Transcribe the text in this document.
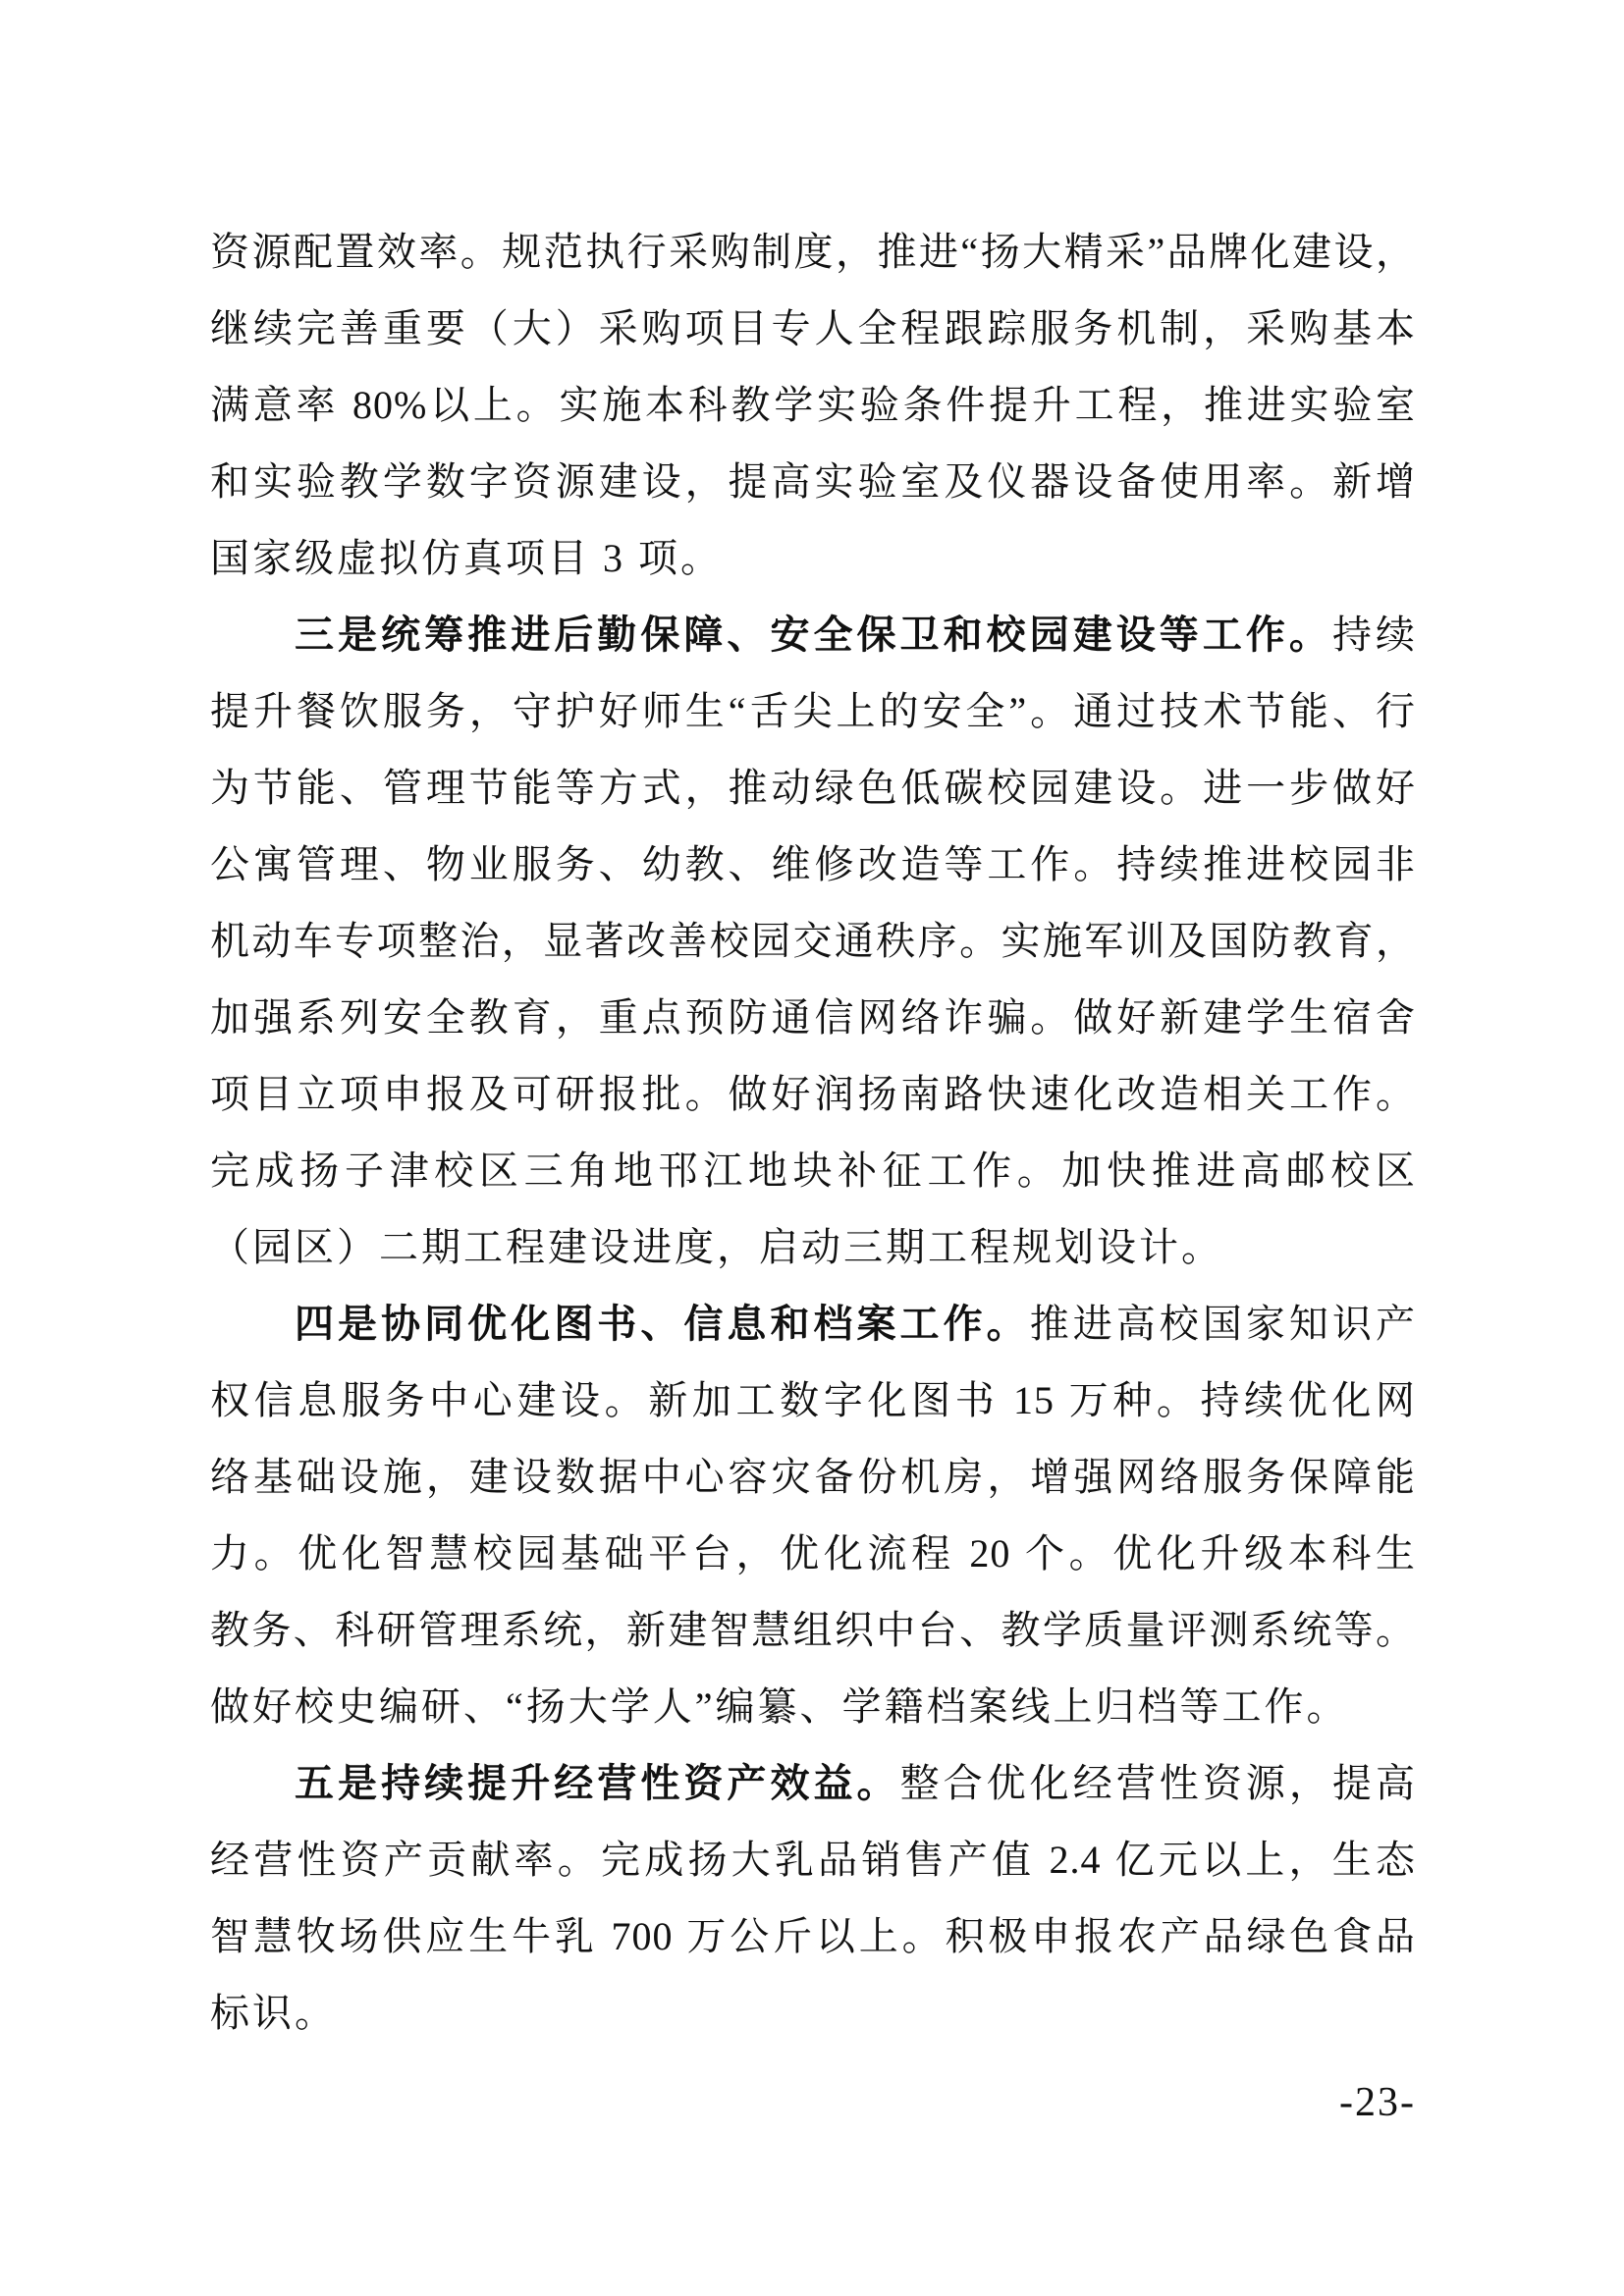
资源配置效率。规范执行采购制度，推进“扬大精采”品牌化建设，
继续完善重要（大）采购项目专人全程跟踪服务机制，采购基本
满意率 80%以上。实施本科教学实验条件提升工程，推进实验室
和实验教学数字资源建设，提高实验室及仪器设备使用率。新增
国家级虚拟仿真项目 3 项。
三是统筹推进后勤保障、安全保卫和校园建设等工作。持续
提升餐饮服务，守护好师生“舌尖上的安全”。通过技术节能、行
为节能、管理节能等方式，推动绿色低碳校园建设。进一步做好
公寓管理、物业服务、幼教、维修改造等工作。持续推进校园非
机动车专项整治，显著改善校园交通秩序。实施军训及国防教育，
加强系列安全教育，重点预防通信网络诈骗。做好新建学生宿舍
项目立项申报及可研报批。做好润扬南路快速化改造相关工作。
完成扬子津校区三角地邗江地块补征工作。加快推进高邮校区
（园区）二期工程建设进度，启动三期工程规划设计。
四是协同优化图书、信息和档案工作。推进高校国家知识产
权信息服务中心建设。新加工数字化图书 15 万种。持续优化网
络基础设施，建设数据中心容灾备份机房，增强网络服务保障能
力。优化智慧校园基础平台，优化流程 20 个。优化升级本科生
教务、科研管理系统，新建智慧组织中台、教学质量评测系统等。
做好校史编研、“扬大学人”编纂、学籍档案线上归档等工作。
五是持续提升经营性资产效益。整合优化经营性资源，提高
经营性资产贡献率。完成扬大乳品销售产值 2.4 亿元以上，生态
智慧牧场供应生牛乳 700 万公斤以上。积极申报农产品绿色食品
标识。
-23-
